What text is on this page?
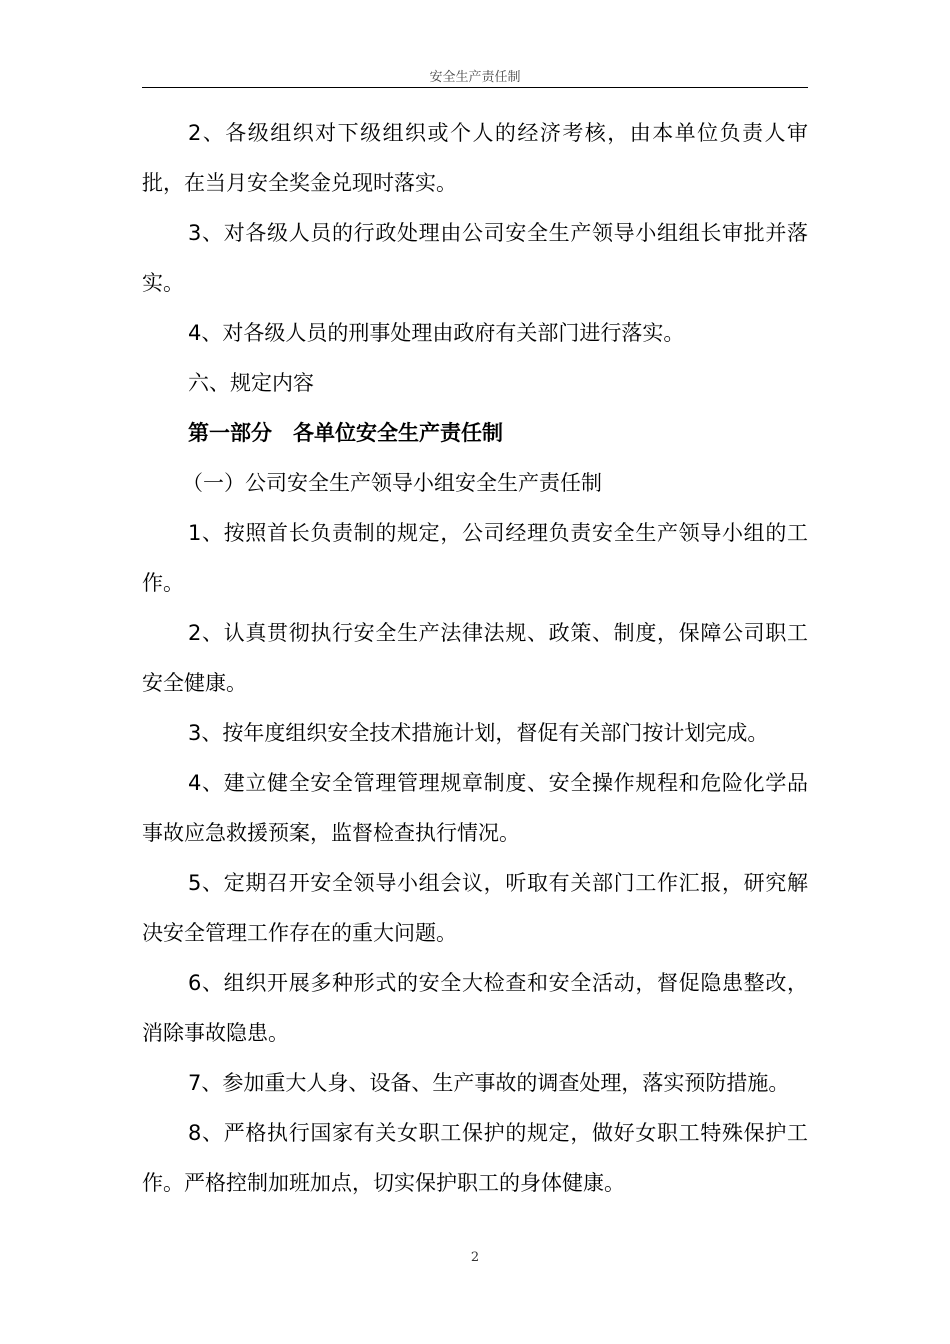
安全生产责任制

2、各级组织对下级组织或个人的经济考核，由本单位负责人审批，在当月安全奖金兑现时落实。

3、对各级人员的行政处理由公司安全生产领导小组组长审批并落实。

4、对各级人员的刑事处理由政府有关部门进行落实。

六、规定内容

第一部分　各单位安全生产责任制

（一）公司安全生产领导小组安全生产责任制

1、按照首长负责制的规定，公司经理负责安全生产领导小组的工作。

2、认真贯彻执行安全生产法律法规、政策、制度，保障公司职工安全健康。

3、按年度组织安全技术措施计划，督促有关部门按计划完成。

4、建立健全安全管理管理规章制度、安全操作规程和危险化学品事故应急救援预案，监督检查执行情况。

5、定期召开安全领导小组会议，听取有关部门工作汇报，研究解决安全管理工作存在的重大问题。

6、组织开展多种形式的安全大检查和安全活动，督促隐患整改，消除事故隐患。

7、参加重大人身、设备、生产事故的调查处理，落实预防措施。

8、严格执行国家有关女职工保护的规定，做好女职工特殊保护工作。严格控制加班加点，切实保护职工的身体健康。

2
